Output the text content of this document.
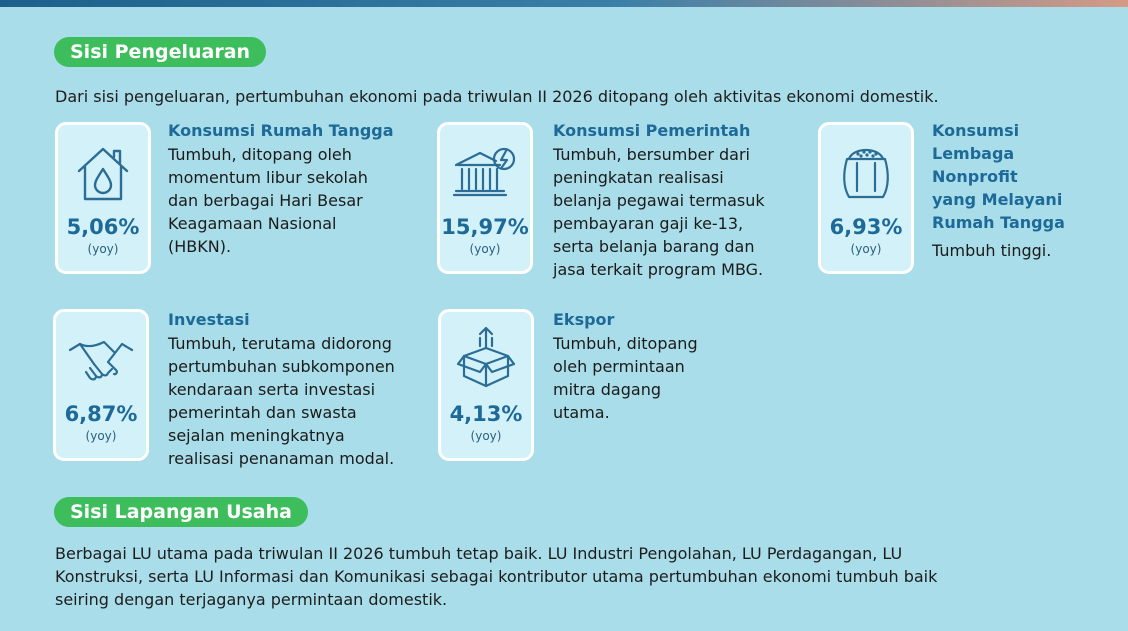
Sisi Pengeluaran
Dari sisi pengeluaran, pertumbuhan ekonomi pada triwulan II 2026 ditopang oleh aktivitas ekonomi domestik.
5,06%
(yoy)
Konsumsi Rumah Tangga
Tumbuh, ditopang oleh
momentum libur sekolah
dan berbagai Hari Besar
Keagamaan Nasional
(HBKN).
15,97%
(yoy)
Konsumsi Pemerintah
Tumbuh, bersumber dari
peningkatan realisasi
belanja pegawai termasuk
pembayaran gaji ke-13,
serta belanja barang dan
jasa terkait program MBG.
6,93%
(yoy)
Konsumsi
Lembaga
Nonprofit
yang Melayani
Rumah Tangga
Tumbuh tinggi.
6,87%
(yoy)
Investasi
Tumbuh, terutama didorong
pertumbuhan subkomponen
kendaraan serta investasi
pemerintah dan swasta
sejalan meningkatnya
realisasi penanaman modal.
4,13%
(yoy)
Ekspor
Tumbuh, ditopang
oleh permintaan
mitra dagang
utama.
Sisi Lapangan Usaha
Berbagai LU utama pada triwulan II 2026 tumbuh tetap baik. LU Industri Pengolahan, LU Perdagangan, LU
Konstruksi, serta LU Informasi dan Komunikasi sebagai kontributor utama pertumbuhan ekonomi tumbuh baik
seiring dengan terjaganya permintaan domestik.
